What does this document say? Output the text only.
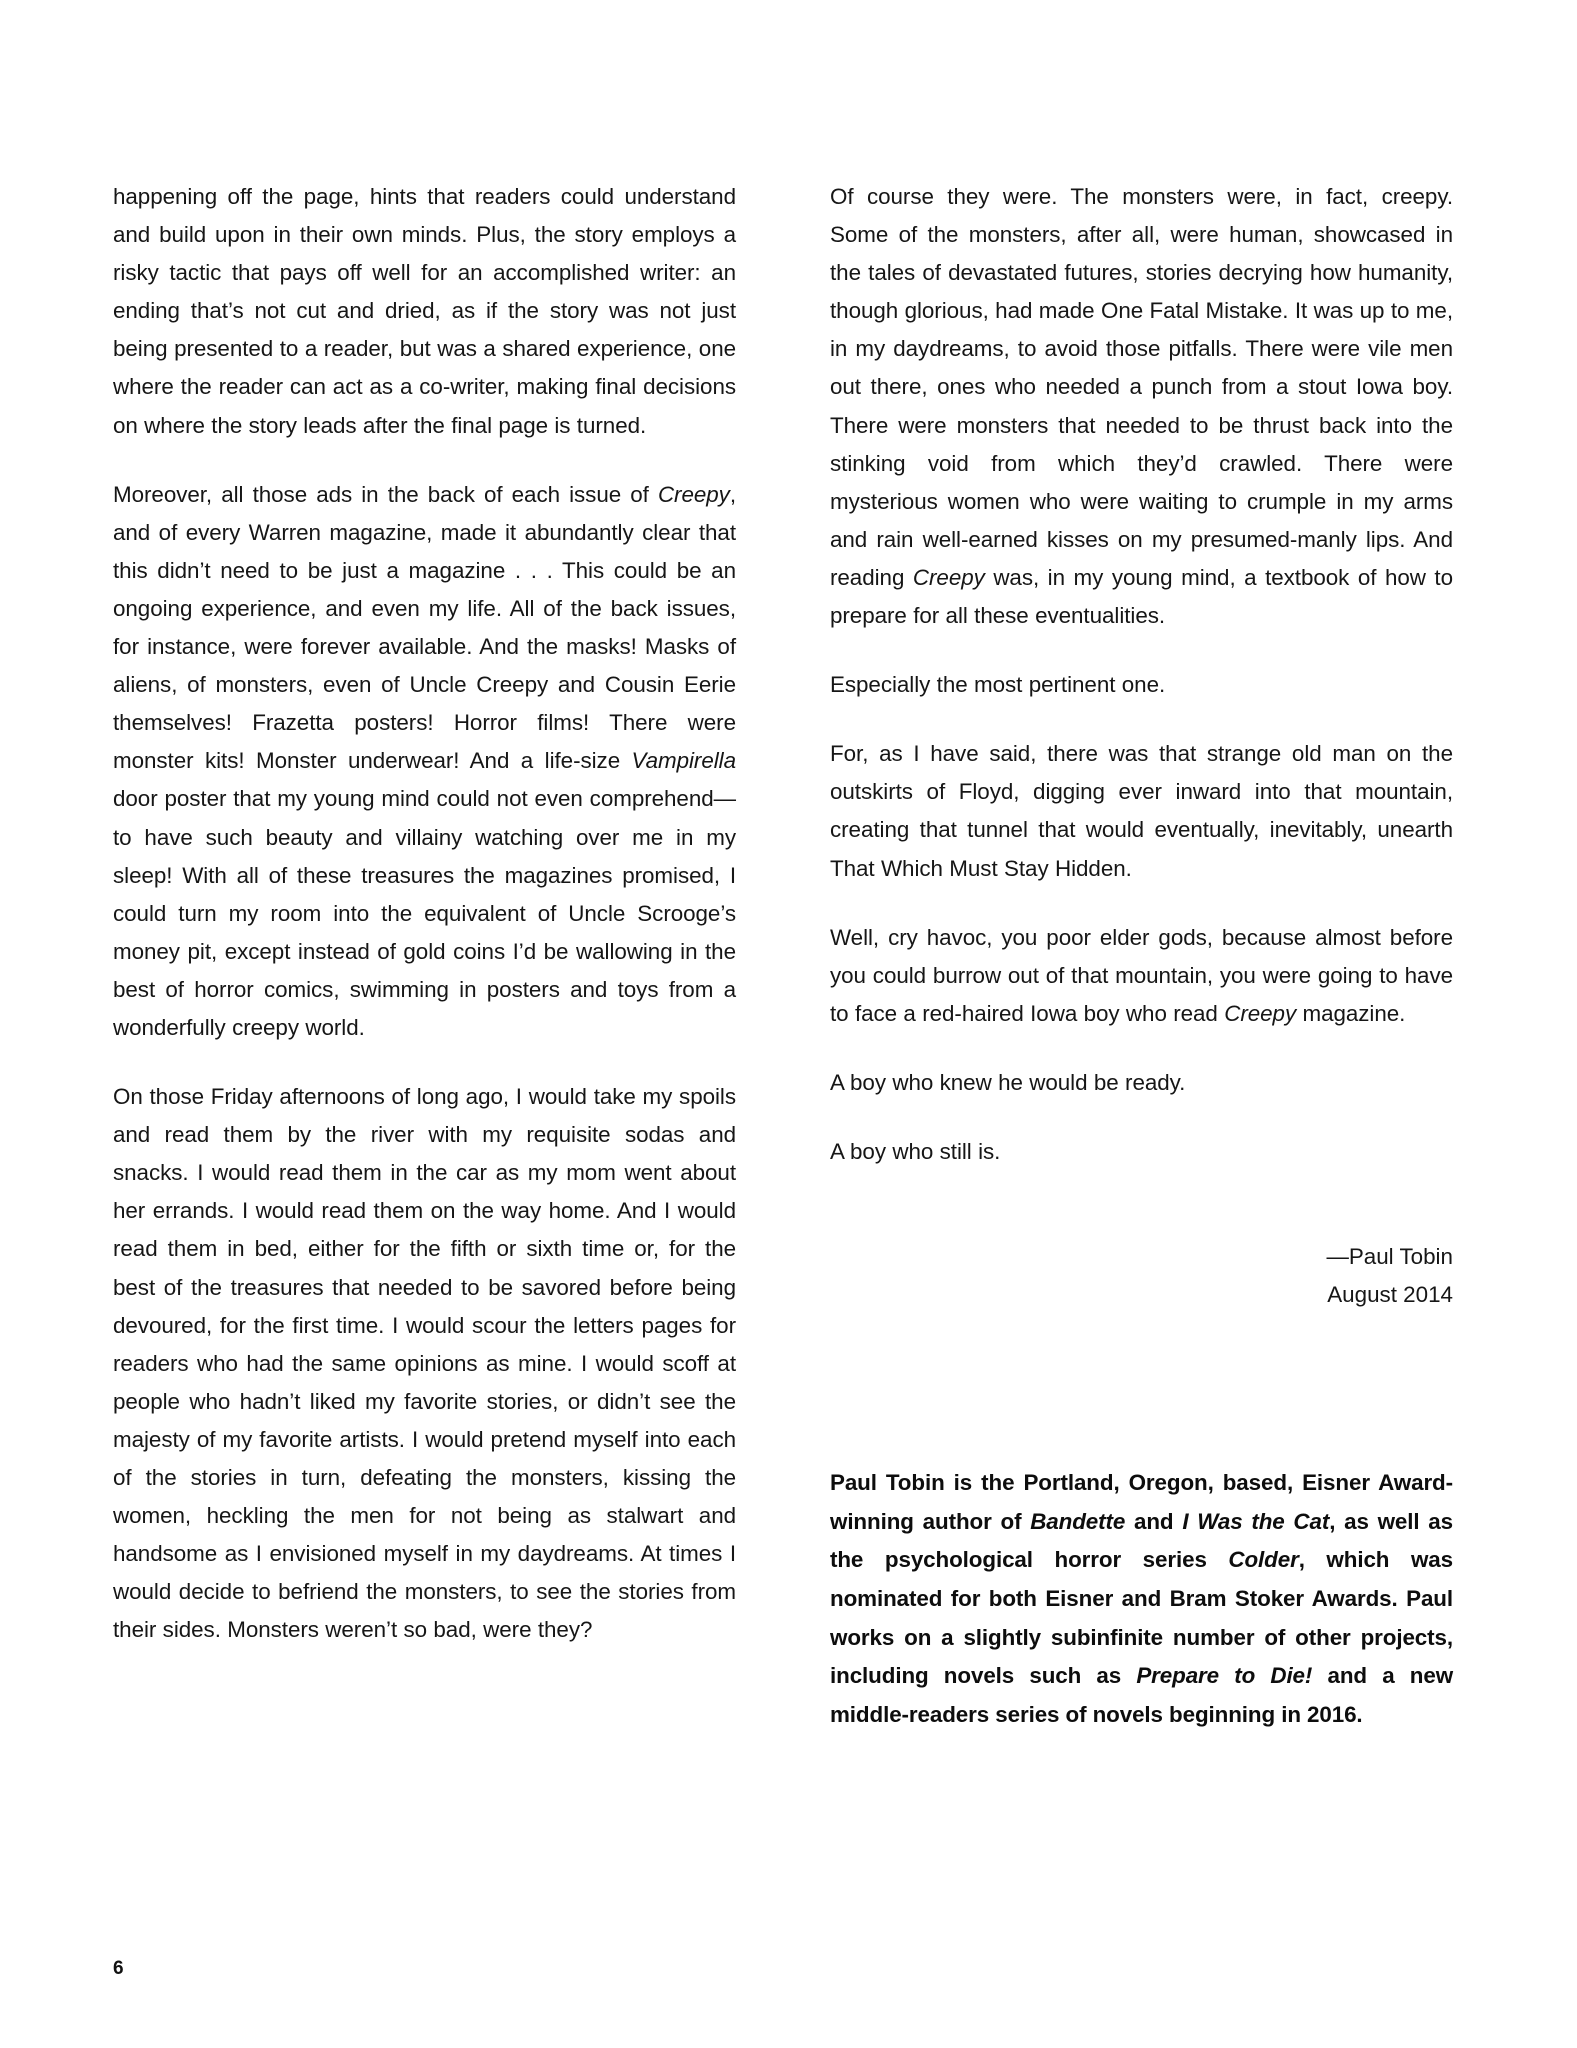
happening off the page, hints that readers could understand and build upon in their own minds. Plus, the story employs a risky tactic that pays off well for an accomplished writer: an ending that’s not cut and dried, as if the story was not just being presented to a reader, but was a shared experience, one where the reader can act as a co-writer, making final decisions on where the story leads after the final page is turned.

Moreover, all those ads in the back of each issue of Creepy, and of every Warren magazine, made it abundantly clear that this didn’t need to be just a magazine . . . This could be an ongoing experience, and even my life. All of the back issues, for instance, were forever available. And the masks! Masks of aliens, of monsters, even of Uncle Creepy and Cousin Eerie themselves! Frazetta posters! Horror films! There were monster kits! Monster underwear! And a life-size Vampirella door poster that my young mind could not even comprehend—to have such beauty and villainy watching over me in my sleep! With all of these treasures the magazines promised, I could turn my room into the equivalent of Uncle Scrooge’s money pit, except instead of gold coins I’d be wallowing in the best of horror comics, swimming in posters and toys from a wonderfully creepy world.

On those Friday afternoons of long ago, I would take my spoils and read them by the river with my requisite sodas and snacks. I would read them in the car as my mom went about her errands. I would read them on the way home. And I would read them in bed, either for the fifth or sixth time or, for the best of the treasures that needed to be savored before being devoured, for the first time. I would scour the letters pages for readers who had the same opinions as mine. I would scoff at people who hadn’t liked my favorite stories, or didn’t see the majesty of my favorite artists. I would pretend myself into each of the stories in turn, defeating the monsters, kissing the women, heckling the men for not being as stalwart and handsome as I envisioned myself in my daydreams. At times I would decide to befriend the monsters, to see the stories from their sides. Monsters weren’t so bad, were they?

Of course they were. The monsters were, in fact, creepy. Some of the monsters, after all, were human, showcased in the tales of devastated futures, stories decrying how humanity, though glorious, had made One Fatal Mistake. It was up to me, in my daydreams, to avoid those pitfalls. There were vile men out there, ones who needed a punch from a stout Iowa boy. There were monsters that needed to be thrust back into the stinking void from which they’d crawled. There were mysterious women who were waiting to crumple in my arms and rain well-earned kisses on my presumed-manly lips. And reading Creepy was, in my young mind, a textbook of how to prepare for all these eventualities.

Especially the most pertinent one.

For, as I have said, there was that strange old man on the outskirts of Floyd, digging ever inward into that mountain, creating that tunnel that would eventually, inevitably, unearth That Which Must Stay Hidden.

Well, cry havoc, you poor elder gods, because almost before you could burrow out of that mountain, you were going to have to face a red-haired Iowa boy who read Creepy magazine.

A boy who knew he would be ready.

A boy who still is.

—Paul Tobin
August 2014

Paul Tobin is the Portland, Oregon, based, Eisner Award-winning author of Bandette and I Was the Cat, as well as the psychological horror series Colder, which was nominated for both Eisner and Bram Stoker Awards. Paul works on a slightly subinfinite number of other projects, including novels such as Prepare to Die! and a new middle-readers series of novels beginning in 2016.

6
